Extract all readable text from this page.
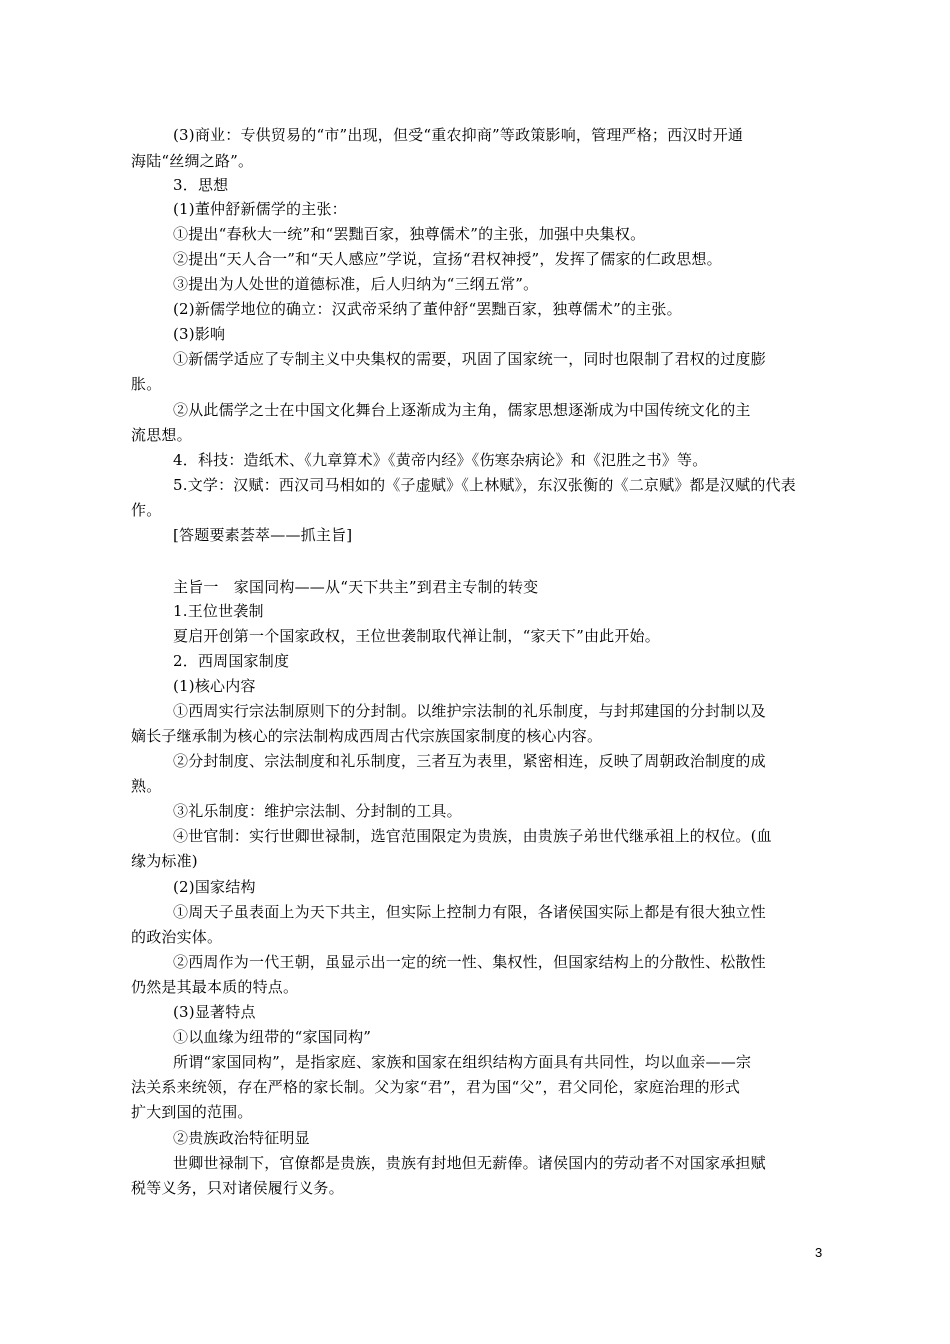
(3)商业：专供贸易的“市”出现，但受“重农抑商”等政策影响，管理严格；西汉时开通
海陆“丝绸之路”。
3．思想
(1)董仲舒新儒学的主张：
①提出“春秋大一统”和“罢黜百家，独尊儒术”的主张，加强中央集权。
②提出“天人合一”和“天人感应”学说，宣扬“君权神授”，发挥了儒家的仁政思想。
③提出为人处世的道德标准，后人归纳为“三纲五常”。
(2)新儒学地位的确立：汉武帝采纳了董仲舒“罢黜百家，独尊儒术”的主张。
(3)影响
①新儒学适应了专制主义中央集权的需要，巩固了国家统一，同时也限制了君权的过度膨
胀。
②从此儒学之士在中国文化舞台上逐渐成为主角，儒家思想逐渐成为中国传统文化的主
流思想。
4．科技：造纸术、《九章算术》《黄帝内经》《伤寒杂病论》和《氾胜之书》等。
5.文学：汉赋：西汉司马相如的《子虚赋》《上林赋》，东汉张衡的《二京赋》都是汉赋的代表
作。
[答题要素荟萃——抓主旨]
主旨一　家国同构——从“天下共主”到君主专制的转变
1.王位世袭制
夏启开创第一个国家政权，王位世袭制取代禅让制，“家天下”由此开始。
2．西周国家制度
(1)核心内容
①西周实行宗法制原则下的分封制。以维护宗法制的礼乐制度，与封邦建国的分封制以及
嫡长子继承制为核心的宗法制构成西周古代宗族国家制度的核心内容。
②分封制度、宗法制度和礼乐制度，三者互为表里，紧密相连，反映了周朝政治制度的成
熟。
③礼乐制度：维护宗法制、分封制的工具。
④世官制：实行世卿世禄制，选官范围限定为贵族，由贵族子弟世代继承祖上的权位。(血
缘为标准)
(2)国家结构
①周天子虽表面上为天下共主，但实际上控制力有限，各诸侯国实际上都是有很大独立性
的政治实体。
②西周作为一代王朝，虽显示出一定的统一性、集权性，但国家结构上的分散性、松散性
仍然是其最本质的特点。
(3)显著特点
①以血缘为纽带的“家国同构”
所谓“家国同构”，是指家庭、家族和国家在组织结构方面具有共同性，均以血亲——宗
法关系来统领，存在严格的家长制。父为家“君”，君为国“父”，君父同伦，家庭治理的形式
扩大到国的范围。
②贵族政治特征明显
世卿世禄制下，官僚都是贵族，贵族有封地但无薪俸。诸侯国内的劳动者不对国家承担赋
税等义务，只对诸侯履行义务。
3
